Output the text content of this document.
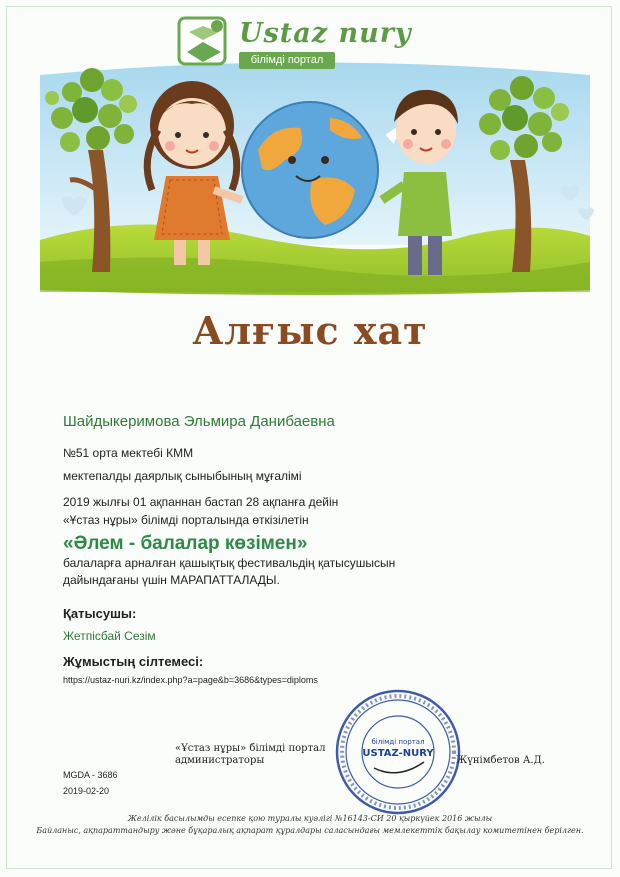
Ustaz nury
білімді портал
Алғыс хат
Шайдыкеримова Эльмира Данибаевна
№51 орта мектебі КММ
мектепалды даярлық сыныбының мұғалімі
2019 жылғы 01 ақпаннан бастап 28 ақпанға дейін
«Ұстаз нұры» білімді порталында өткізілетін
«Әлем - балалар көзімен»
балаларға арналған қашықтық фестивальдің қатысушысын
дайындағаны үшін МАРАПАТТАЛАДЫ.
Қатысушы:
Жетпісбай Сезім
Жұмыстың сілтемесі:
https://ustaz-nuri.kz/index.php?a=page&b=3686&types=diploms
«Ұстаз нұры» білімді портал
администраторы	Жүнімбетов А.Д.
білімді портал
USTAZ-NURY
MGDA - 3686
2019-02-20
Желілік басылымды есепке қою туралы куәлігі №16143-СИ 20 қыркүйек 2016 жылы
Байланыс, ақпараттандыру және бұқаралық ақпарат құралдары саласындағы мемлекеттік бақылау комитетінен берілген.
